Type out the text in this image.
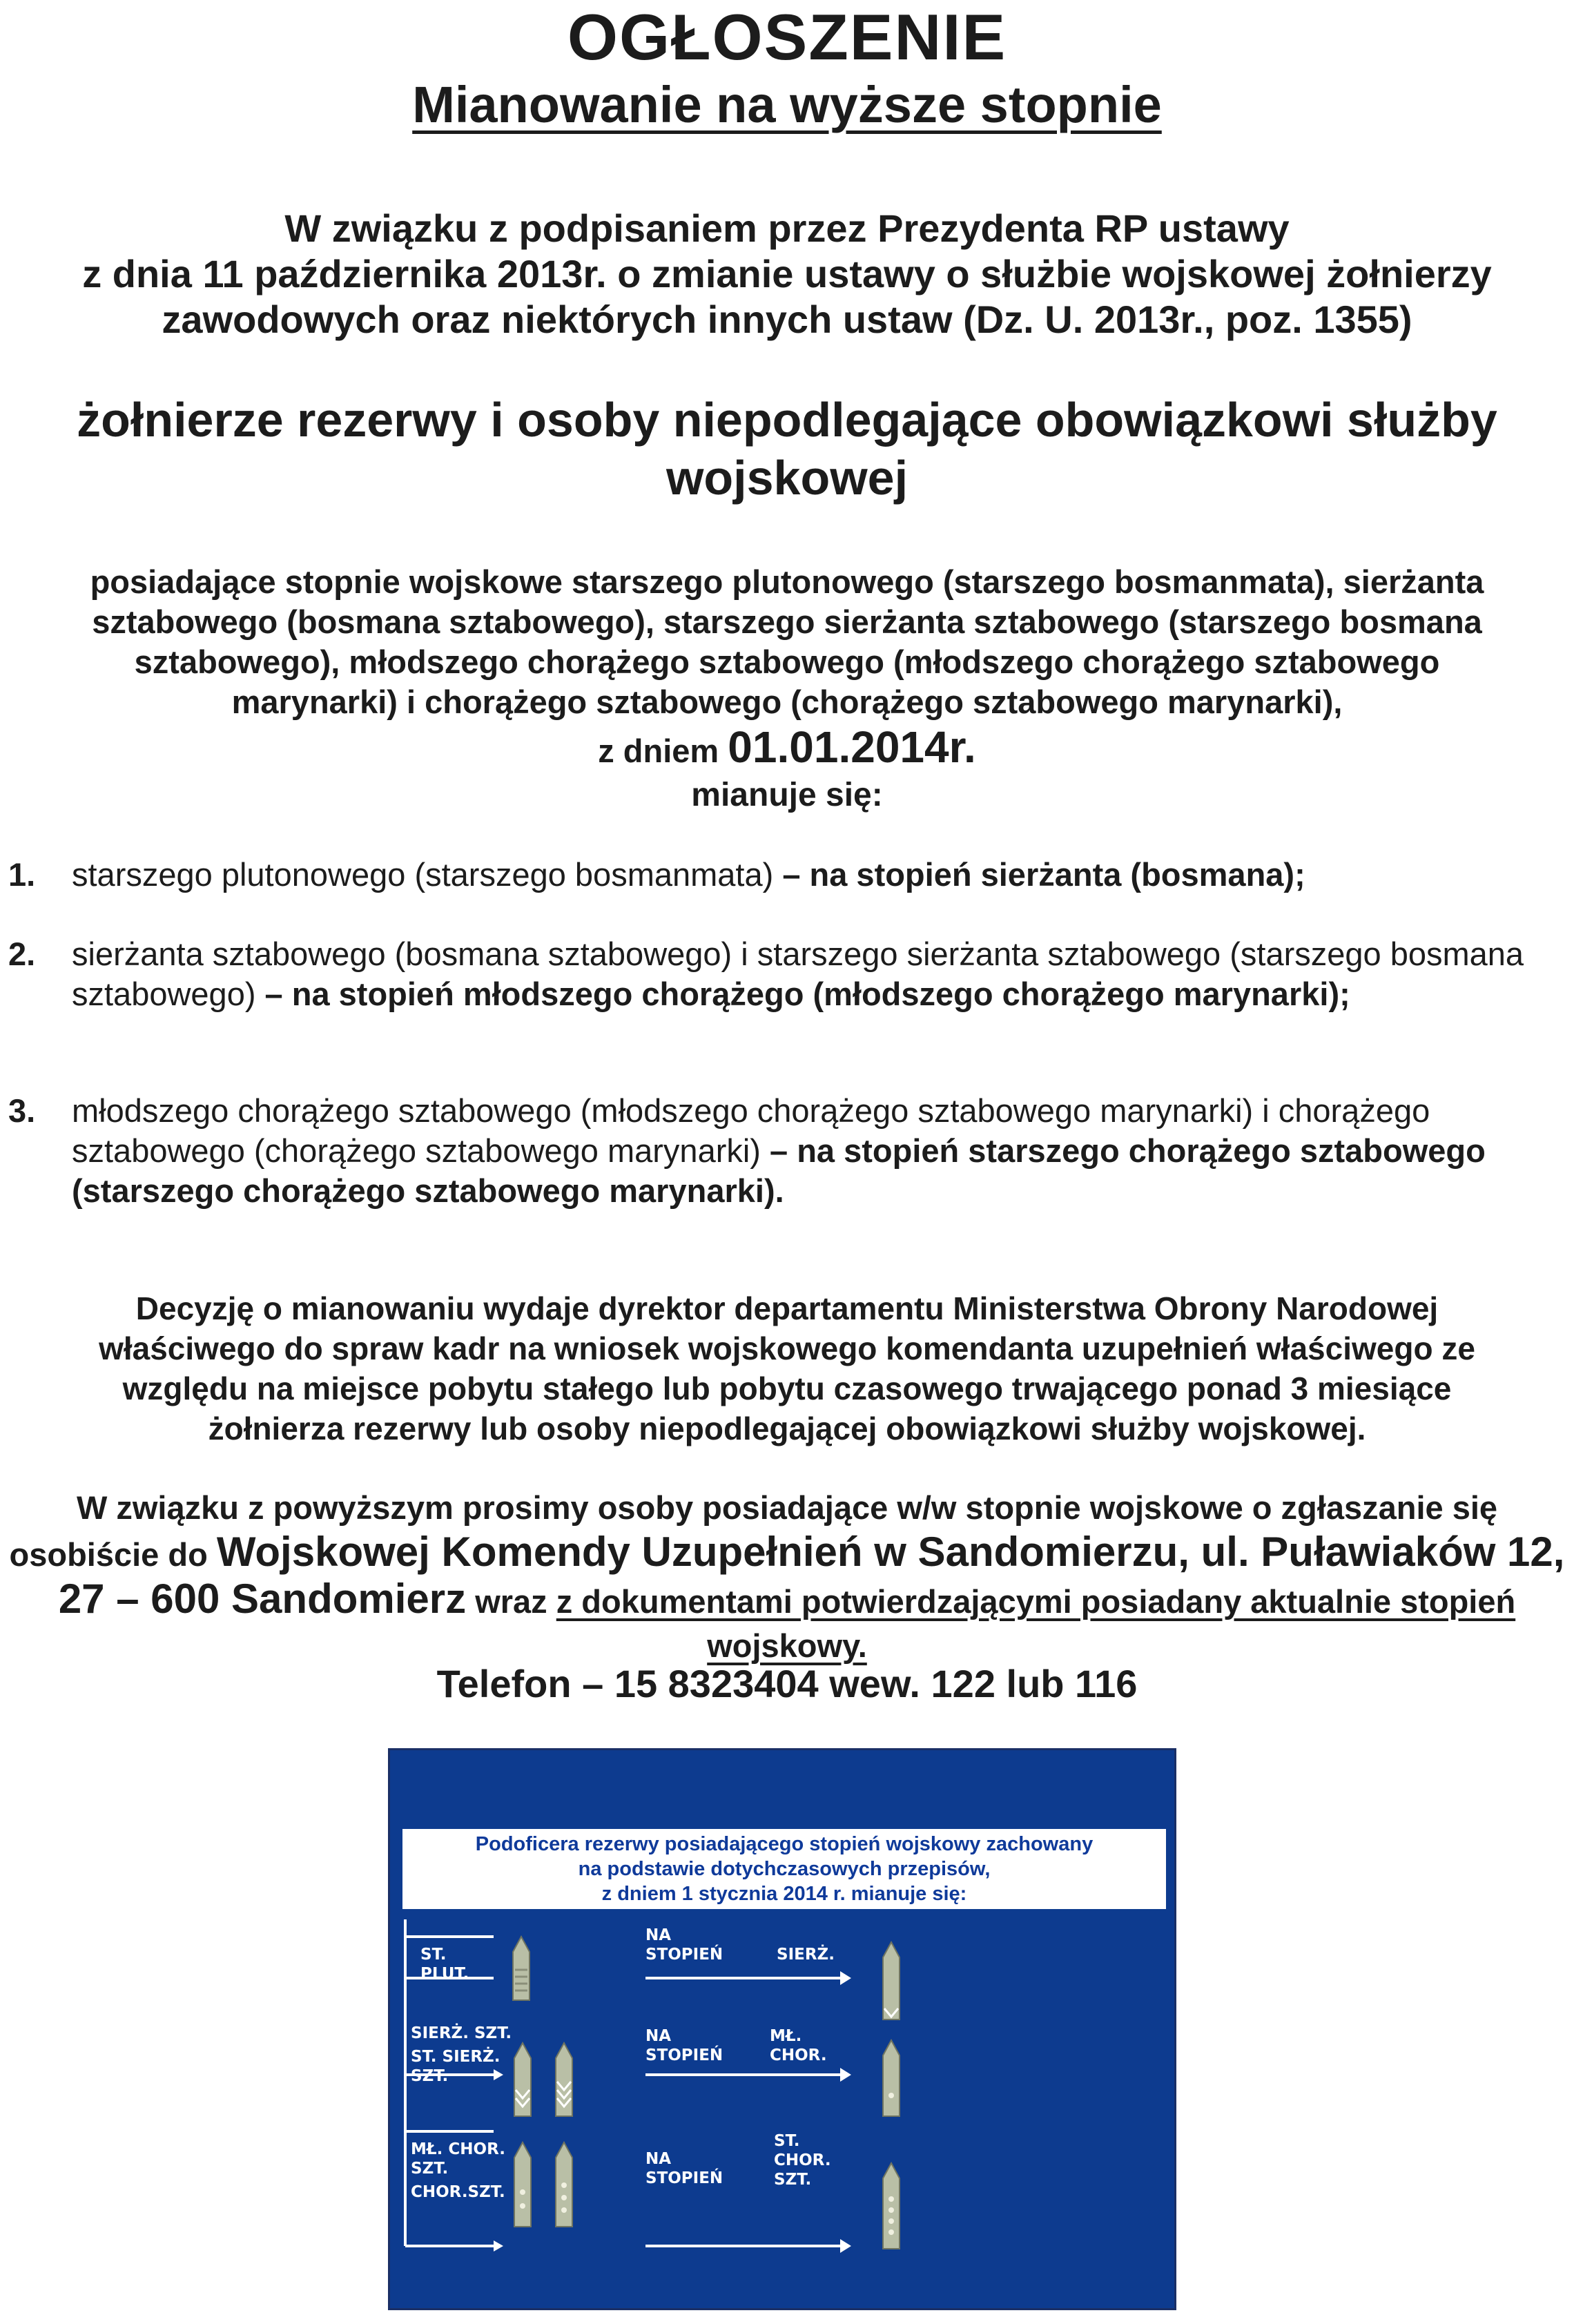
OGŁOSZENIE
Mianowanie na wyższe stopnie
W związku z podpisaniem przez Prezydenta RP ustawy
z dnia 11 października 2013r. o zmianie ustawy o służbie wojskowej żołnierzy
zawodowych oraz niektórych innych ustaw (Dz. U. 2013r., poz. 1355)
żołnierze rezerwy i osoby niepodlegające obowiązkowi służby
wojskowej
posiadające stopnie wojskowe starszego plutonowego (starszego bosmanmata), sierżanta
sztabowego (bosmana sztabowego), starszego sierżanta sztabowego (starszego bosmana
sztabowego), młodszego chorążego sztabowego (młodszego chorążego sztabowego
marynarki) i chorążego sztabowego (chorążego sztabowego marynarki),
z dniem 01.01.2014r.
mianuje się:
1. starszego plutonowego (starszego bosmanmata) – na stopień sierżanta (bosmana);
2. sierżanta sztabowego (bosmana sztabowego) i starszego sierżanta sztabowego (starszego bosmana sztabowego) – na stopień młodszego chorążego (młodszego chorążego marynarki);
3. młodszego chorążego sztabowego (młodszego chorążego sztabowego marynarki) i chorążego sztabowego (chorążego sztabowego marynarki) – na stopień starszego chorążego sztabowego (starszego chorążego sztabowego marynarki).
Decyzję o mianowaniu wydaje dyrektor departamentu Ministerstwa Obrony Narodowej
właściwego do spraw kadr na wniosek wojskowego komendanta uzupełnień właściwego ze
względu na miejsce pobytu stałego lub pobytu czasowego trwającego ponad 3 miesiące
żołnierza rezerwy lub osoby niepodlegającej obowiązkowi służby wojskowej.
W związku z powyższym prosimy osoby posiadające w/w stopnie wojskowe o zgłaszanie się
osobiście do Wojskowej Komendy Uzupełnień w Sandomierzu, ul. Puławiaków 12,
27 – 600 Sandomierz wraz z dokumentami potwierdzającymi posiadany aktualnie stopień wojskowy.
Telefon – 15 8323404 wew. 122 lub 116
Podoficera rezerwy posiadającego stopień wojskowy zachowany
na podstawie dotychczasowych przepisów,
z dniem 1 stycznia 2014 r. mianuje się:
ST.
PLUT.
NA
STOPIEŃ	SIERŻ.
SIERŻ. SZT.
ST. SIERŻ.
SZT.
NA
STOPIEŃ
MŁ.
CHOR.
MŁ. CHOR.
SZT.
CHOR.SZT.
NA
STOPIEŃ
ST.
CHOR.
SZT.
